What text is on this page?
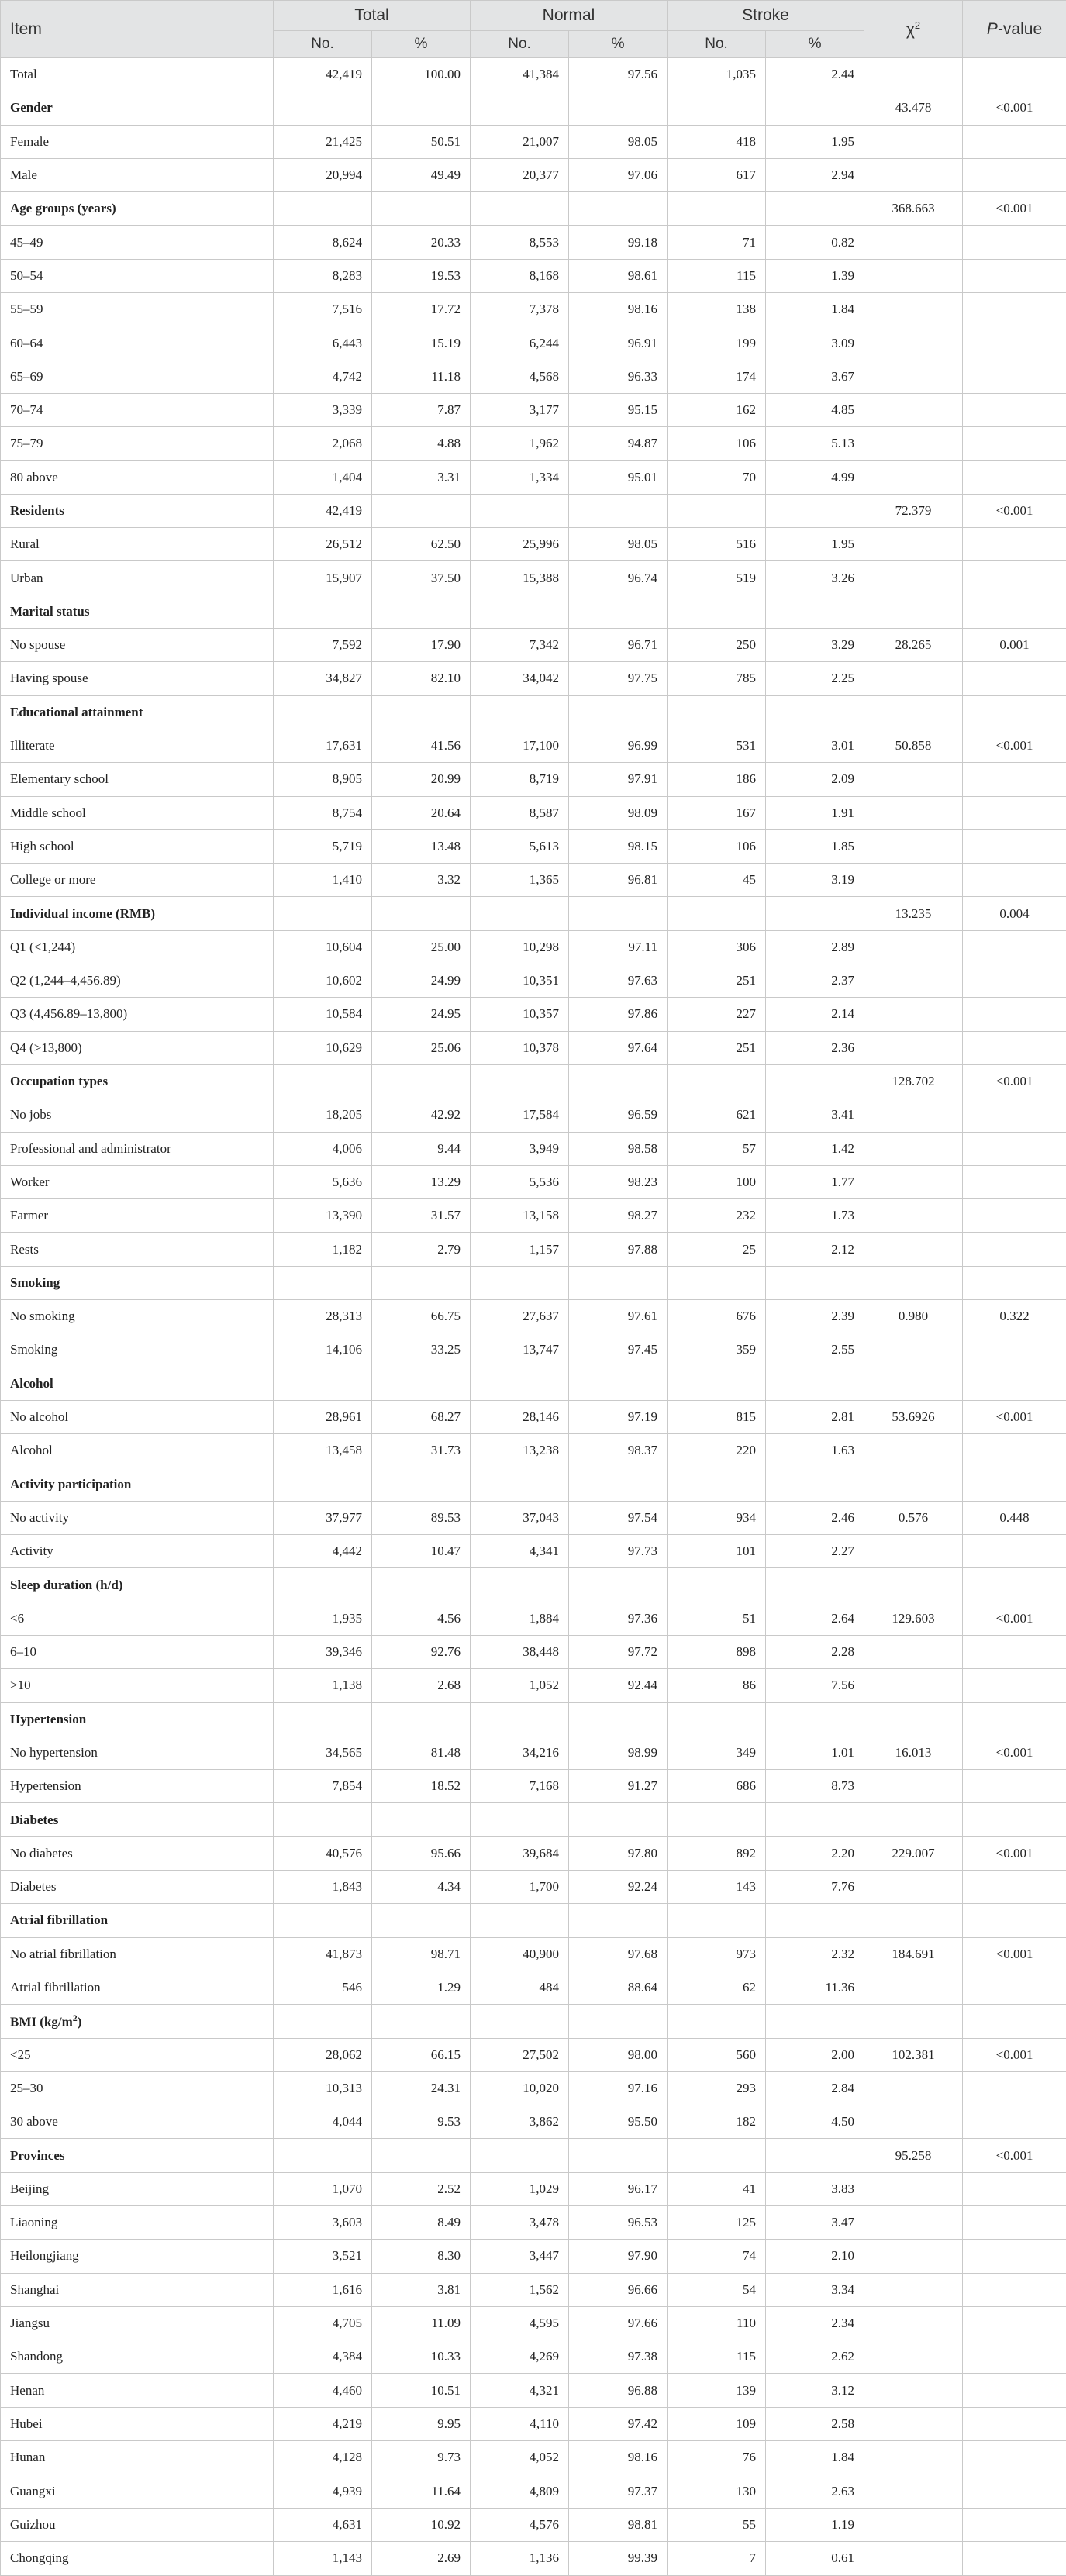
Item	Total		Normal		Stroke		$\chi^2$	P-value
	No.	%	No.	%	No.	%		
Total	42,419	100.00	41,384	97.56	1,035	2.44		
Gender							43.478	<0.001
Female	21,425	50.51	21,007	98.05	418	1.95		
Male	20,994	49.49	20,377	97.06	617	2.94		
Age groups (years)							368.663	<0.001
45–49	8,624	20.33	8,553	99.18	71	0.82		
50–54	8,283	19.53	8,168	98.61	115	1.39		
55–59	7,516	17.72	7,378	98.16	138	1.84		
60–64	6,443	15.19	6,244	96.91	199	3.09		
65–69	4,742	11.18	4,568	96.33	174	3.67		
70–74	3,339	7.87	3,177	95.15	162	4.85		
75–79	2,068	4.88	1,962	94.87	106	5.13		
80 above	1,404	3.31	1,334	95.01	70	4.99		
Residents	42,419						72.379	<0.001
Rural	26,512	62.50	25,996	98.05	516	1.95		
Urban	15,907	37.50	15,388	96.74	519	3.26		
Marital status								
No spouse	7,592	17.90	7,342	96.71	250	3.29	28.265	0.001
Having spouse	34,827	82.10	34,042	97.75	785	2.25		
Educational attainment								
Illiterate	17,631	41.56	17,100	96.99	531	3.01	50.858	<0.001
Elementary school	8,905	20.99	8,719	97.91	186	2.09		
Middle school	8,754	20.64	8,587	98.09	167	1.91		
High school	5,719	13.48	5,613	98.15	106	1.85		
College or more	1,410	3.32	1,365	96.81	45	3.19		
Individual income (RMB)							13.235	0.004
Q1 (<1,244)	10,604	25.00	10,298	97.11	306	2.89		
Q2 (1,244–4,456.89)	10,602	24.99	10,351	97.63	251	2.37		
Q3 (4,456.89–13,800)	10,584	24.95	10,357	97.86	227	2.14		
Q4 (>13,800)	10,629	25.06	10,378	97.64	251	2.36		
Occupation types							128.702	<0.001
No jobs	18,205	42.92	17,584	96.59	621	3.41		
Professional and administrator	4,006	9.44	3,949	98.58	57	1.42		
Worker	5,636	13.29	5,536	98.23	100	1.77		
Farmer	13,390	31.57	13,158	98.27	232	1.73		
Rests	1,182	2.79	1,157	97.88	25	2.12		
Smoking								
No smoking	28,313	66.75	27,637	97.61	676	2.39	0.980	0.322
Smoking	14,106	33.25	13,747	97.45	359	2.55		
Alcohol								
No alcohol	28,961	68.27	28,146	97.19	815	2.81	53.6926	<0.001
Alcohol	13,458	31.73	13,238	98.37	220	1.63		
Activity participation								
No activity	37,977	89.53	37,043	97.54	934	2.46	0.576	0.448
Activity	4,442	10.47	4,341	97.73	101	2.27		
Sleep duration (h/d)								
<6	1,935	4.56	1,884	97.36	51	2.64	129.603	<0.001
6–10	39,346	92.76	38,448	97.72	898	2.28		
>10	1,138	2.68	1,052	92.44	86	7.56		
Hypertension								
No hypertension	34,565	81.48	34,216	98.99	349	1.01	16.013	<0.001
Hypertension	7,854	18.52	7,168	91.27	686	8.73		
Diabetes								
No diabetes	40,576	95.66	39,684	97.80	892	2.20	229.007	<0.001
Diabetes	1,843	4.34	1,700	92.24	143	7.76		
Atrial fibrillation								
No atrial fibrillation	41,873	98.71	40,900	97.68	973	2.32	184.691	<0.001
Atrial fibrillation	546	1.29	484	88.64	62	11.36		
BMI $(kg/m^2)$								
<25	28,062	66.15	27,502	98.00	560	2.00	102.381	<0.001
25–30	10,313	24.31	10,020	97.16	293	2.84		
30 above	4,044	9.53	3,862	95.50	182	4.50		
Provinces							95.258	<0.001
Beijing	1,070	2.52	1,029	96.17	41	3.83		
Liaoning	3,603	8.49	3,478	96.53	125	3.47		
Heilongjiang	3,521	8.30	3,447	97.90	74	2.10		
Shanghai	1,616	3.81	1,562	96.66	54	3.34		
Jiangsu	4,705	11.09	4,595	97.66	110	2.34		
Shandong	4,384	10.33	4,269	97.38	115	2.62		
Henan	4,460	10.51	4,321	96.88	139	3.12		
Hubei	4,219	9.95	4,110	97.42	109	2.58		
Hunan	4,128	9.73	4,052	98.16	76	1.84		
Guangxi	4,939	11.64	4,809	97.37	130	2.63		
Guizhou	4,631	10.92	4,576	98.81	55	1.19		
Chongqing	1,143	2.69	1,136	99.39	7	0.61		
